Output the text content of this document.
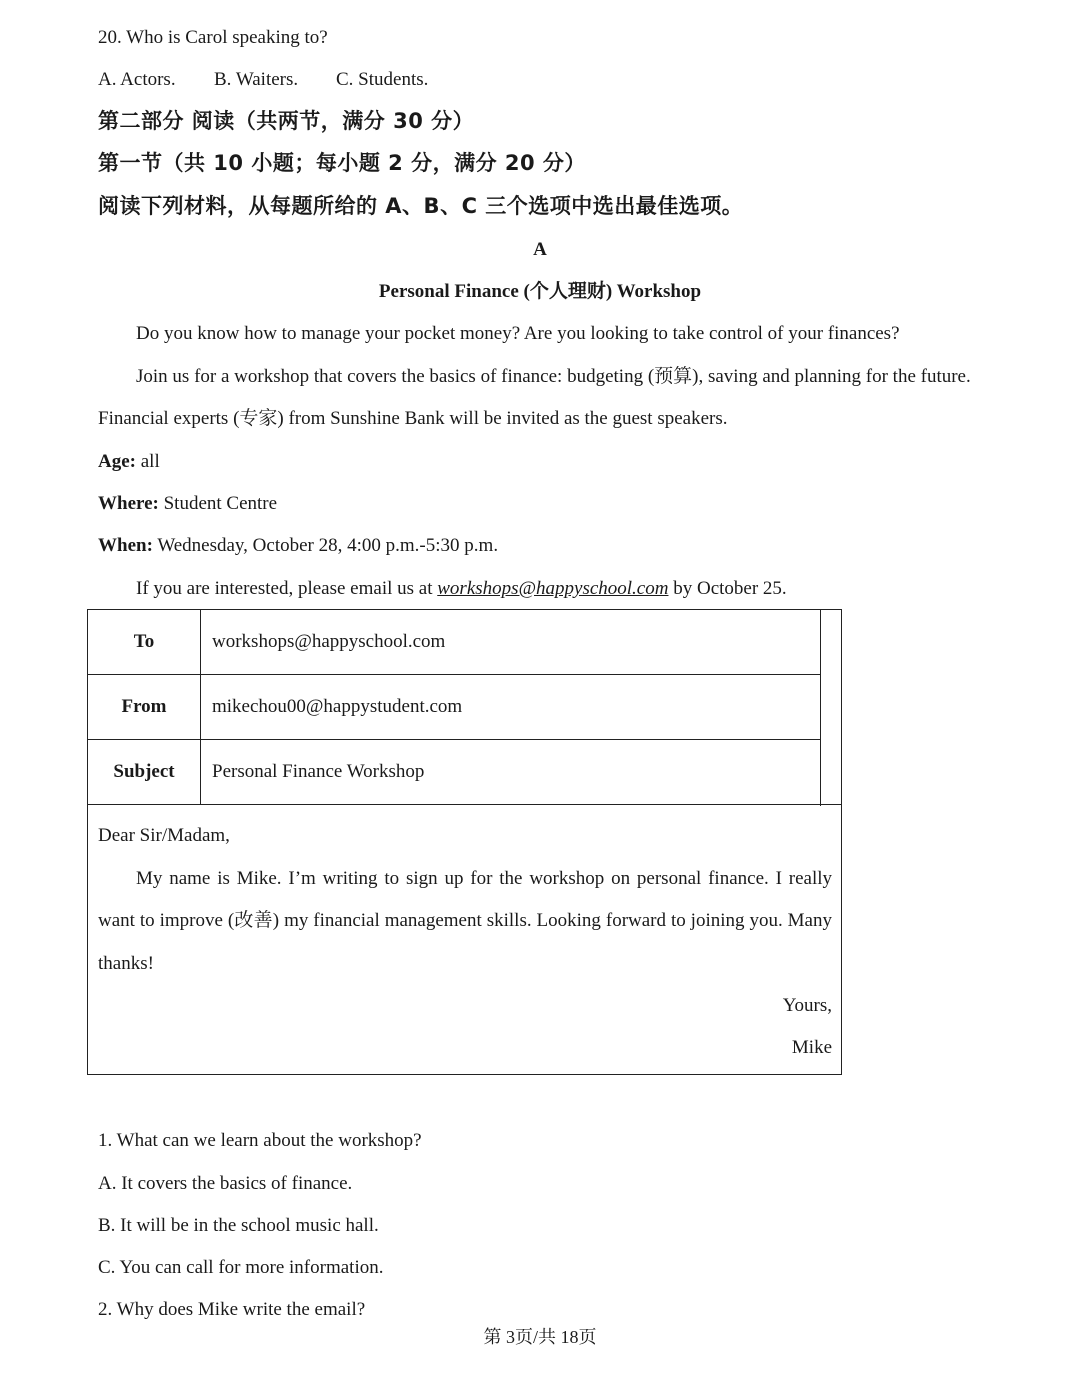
20. Who is Carol speaking to?
A. Actors. B. Waiters. C. Students.
第二部分 阅读（共两节，满分 30 分）
第一节（共 10 小题；每小题 2 分，满分 20 分）
阅读下列材料，从每题所给的 A、B、C 三个选项中选出最佳选项。
A
Personal Finance (个人理财) Workshop
Do you know how to manage your pocket money? Are you looking to take control of your finances?
Join us for a workshop that covers the basics of finance: budgeting (预算), saving and planning for the future.
Financial experts (专家) from Sunshine Bank will be invited as the guest speakers.
Age: all
Where: Student Centre
When: Wednesday, October 28, 4:00 p.m.-5:30 p.m.
If you are interested, please email us at workshops@happyschool.com by October 25.
To	workshops@happyschool.com
From	mikechou00@happystudent.com
Subject	Personal Finance Workshop
Dear Sir/Madam,
My name is Mike. I’m writing to sign up for the workshop on personal finance. I really
want to improve (改善) my financial management skills. Looking forward to joining you. Many
thanks!
Yours,
Mike
1. What can we learn about the workshop?
A. It covers the basics of finance.
B. It will be in the school music hall.
C. You can call for more information.
2. Why does Mike write the email?
第 3页/共 18页
